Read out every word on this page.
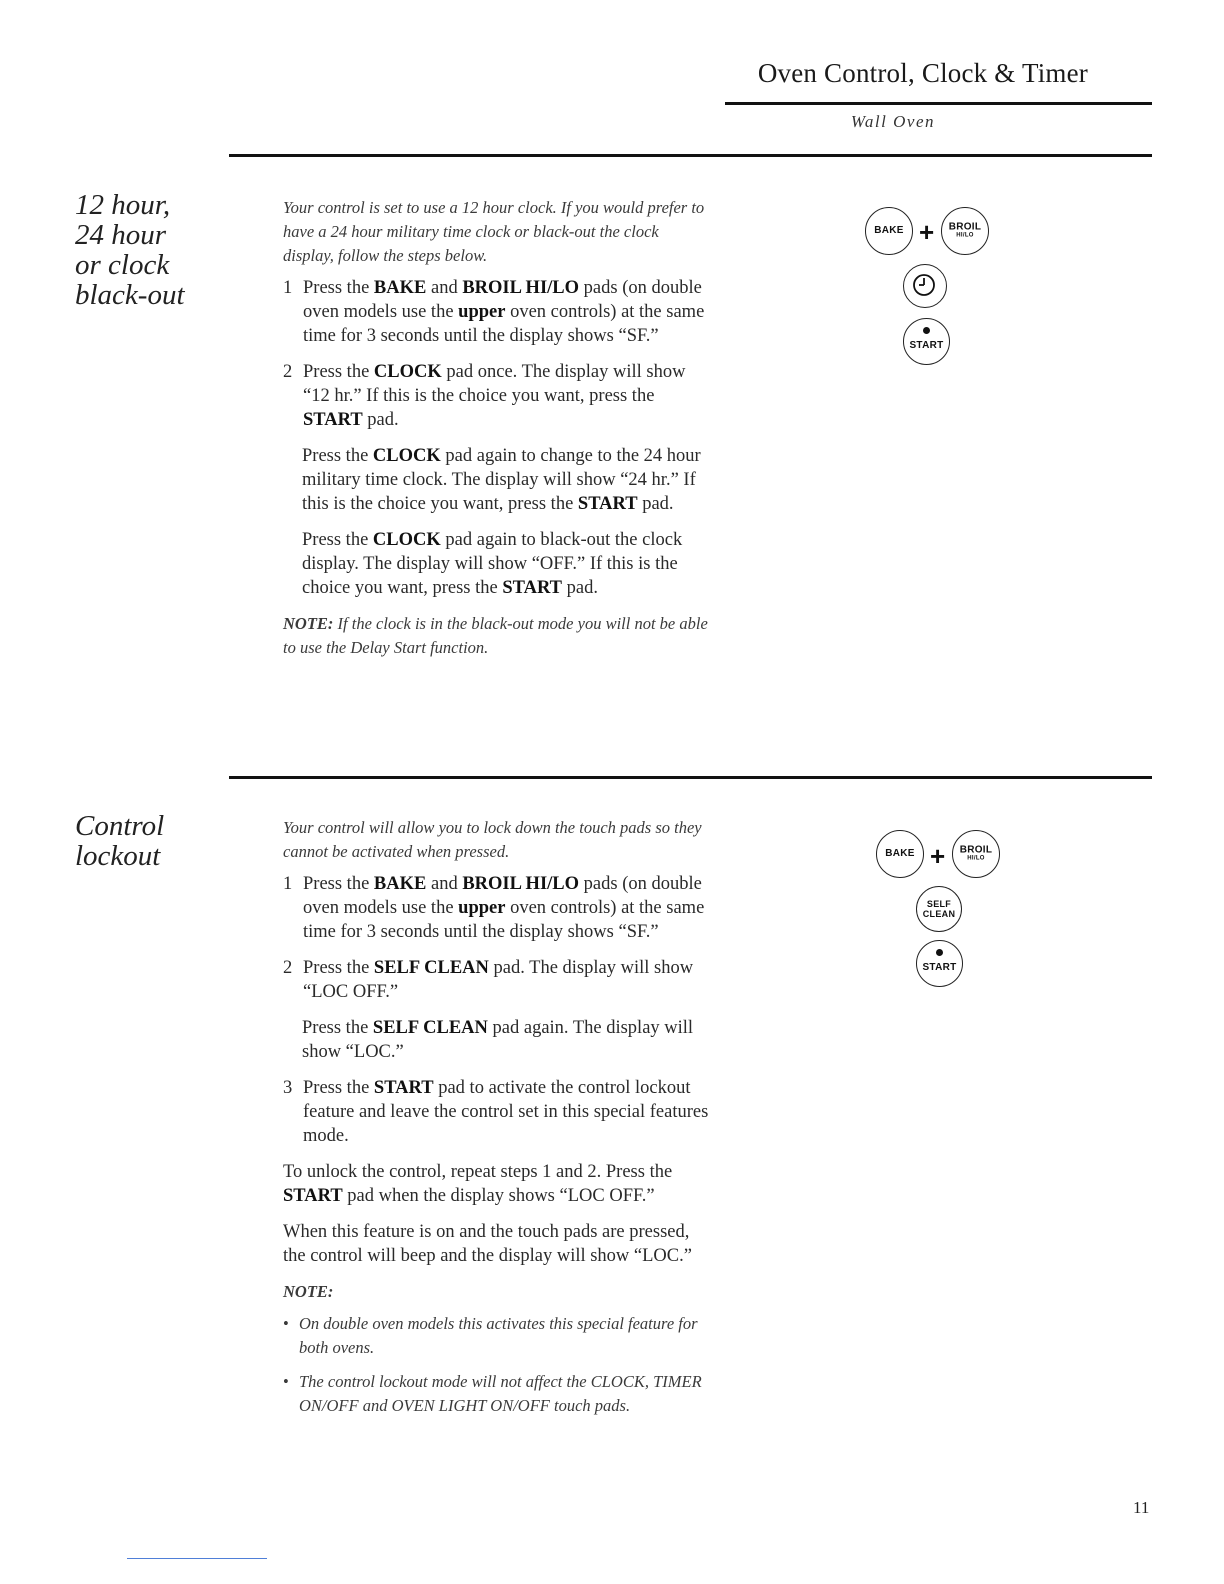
Oven Control, Clock & Timer
Wall Oven
12 hour,
24 hour
or clock
black-out

Your control is set to use a 12 hour clock. If you would prefer to have a 24 hour military time clock or black-out the clock display, follow the steps below.

1 Press the BAKE and BROIL HI/LO pads (on double oven models use the upper oven controls) at the same time for 3 seconds until the display shows “SF.”
2 Press the CLOCK pad once. The display will show “12 hr.” If this is the choice you want, press the START pad.
Press the CLOCK pad again to change to the 24 hour military time clock. The display will show “24 hr.” If this is the choice you want, press the START pad.
Press the CLOCK pad again to black-out the clock display. The display will show “OFF.” If this is the choice you want, press the START pad.
NOTE: If the clock is in the black-out mode you will not be able to use the Delay Start function.
BAKE +	BROIL
HI/LO
START
Control
lockout

Your control will allow you to lock down the touch pads so they cannot be activated when pressed.

1 Press the BAKE and BROIL HI/LO pads (on double oven models use the upper oven controls) at the same time for 3 seconds until the display shows “SF.”
2 Press the SELF CLEAN pad. The display will show “LOC OFF.”
Press the SELF CLEAN pad again. The display will show “LOC.”
3 Press the START pad to activate the control lockout feature and leave the control set in this special features mode.
To unlock the control, repeat steps 1 and 2. Press the START pad when the display shows “LOC OFF.”
When this feature is on and the touch pads are pressed, the control will beep and the display will show “LOC.”
NOTE:
• On double oven models this activates this special feature for both ovens.
• The control lockout mode will not affect the CLOCK, TIMER ON/OFF and OVEN LIGHT ON/OFF touch pads.
BAKE +	BROIL
HI/LO
SELF
CLEAN
START
11
